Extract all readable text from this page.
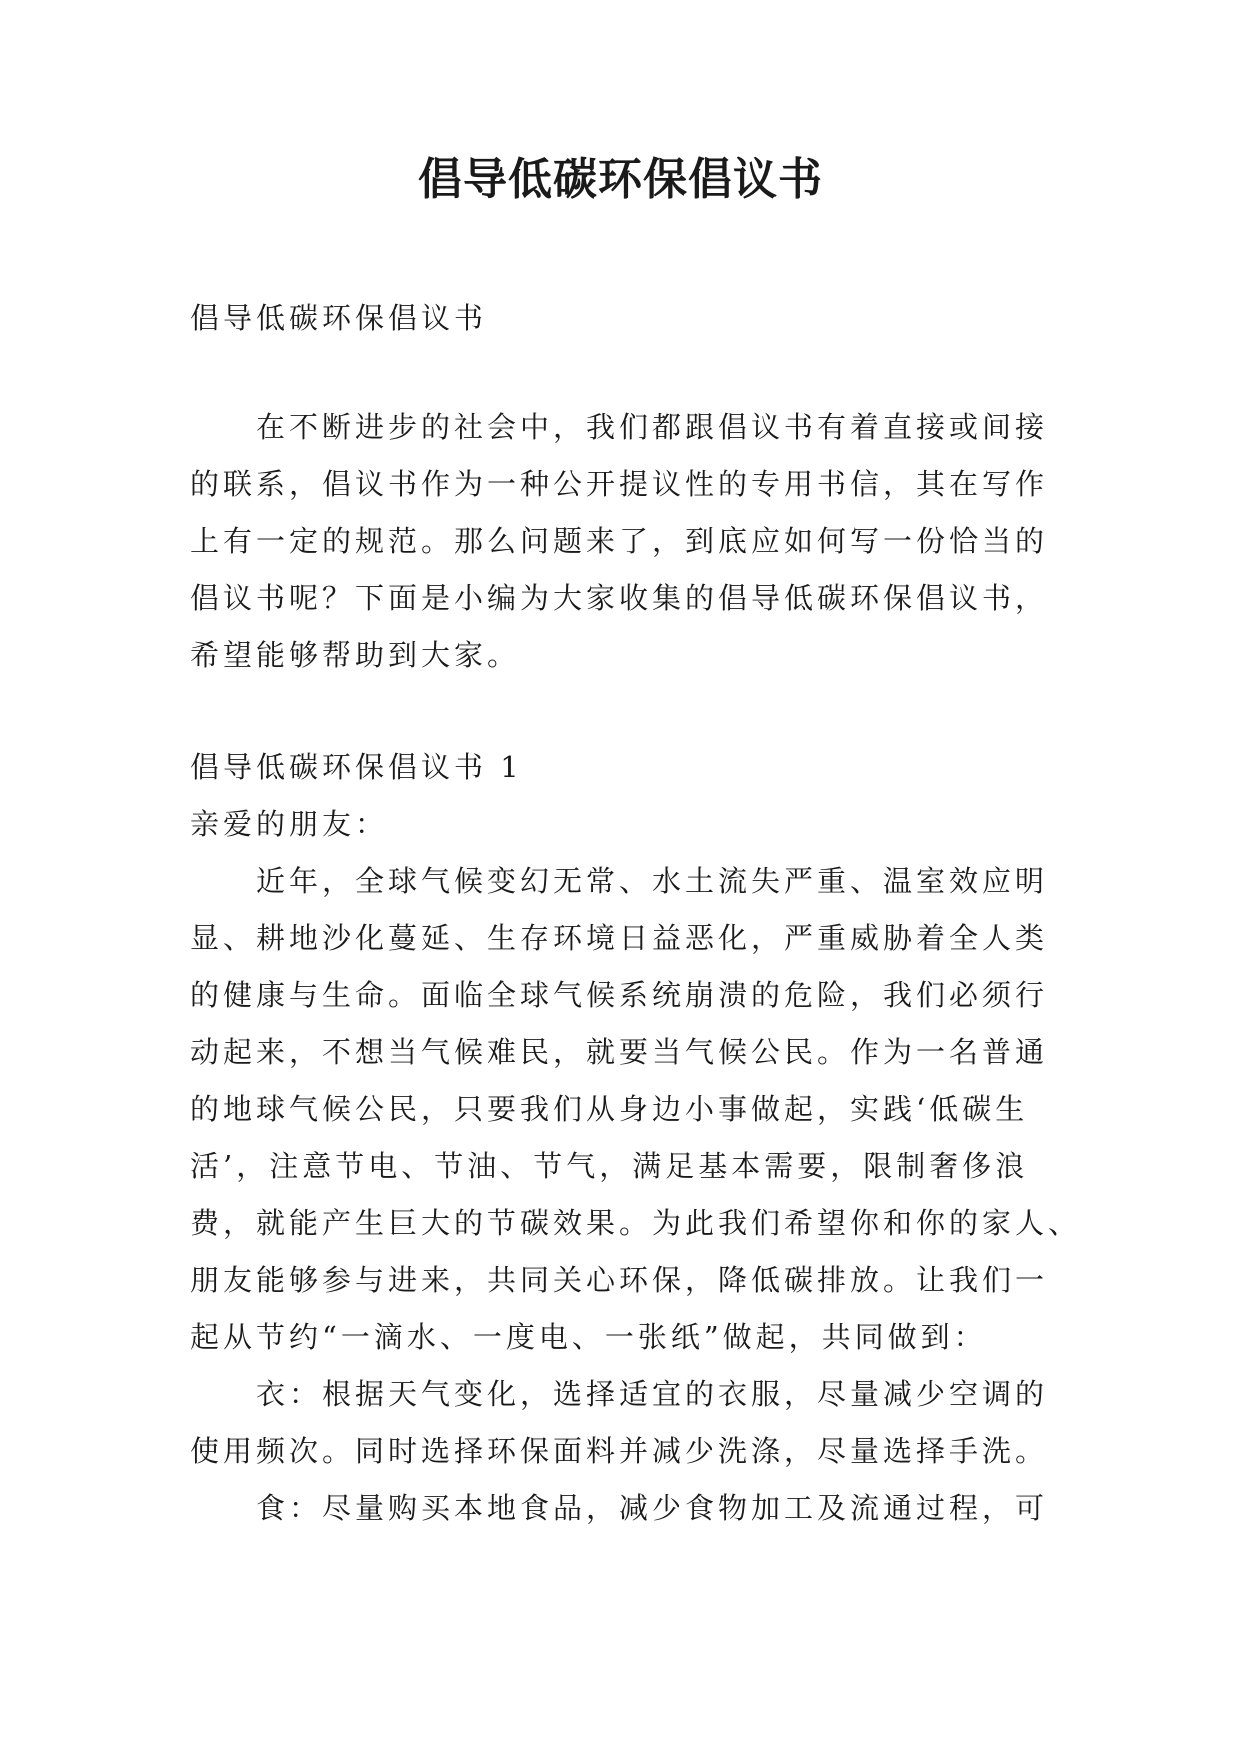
倡导低碳环保倡议书

倡导低碳环保倡议书

在不断进步的社会中，我们都跟倡议书有着直接或间接

的联系，倡议书作为一种公开提议性的专用书信，其在写作

上有一定的规范。那么问题来了，到底应如何写一份恰当的

倡议书呢？下面是小编为大家收集的倡导低碳环保倡议书，

希望能够帮助到大家。

倡导低碳环保倡议书 1

亲爱的朋友：

近年，全球气候变幻无常、水土流失严重、温室效应明

显、耕地沙化蔓延、生存环境日益恶化，严重威胁着全人类

的健康与生命。面临全球气候系统崩溃的危险，我们必须行

动起来，不想当气候难民，就要当气候公民。作为一名普通

的地球气候公民，只要我们从身边小事做起，实践‘低碳生

活’，注意节电、节油、节气，满足基本需要，限制奢侈浪

费，就能产生巨大的节碳效果。为此我们希望你和你的家人、

朋友能够参与进来，共同关心环保，降低碳排放。让我们一

起从节约“一滴水、一度电、一张纸”做起，共同做到：

衣：根据天气变化，选择适宜的衣服，尽量减少空调的

使用频次。同时选择环保面料并减少洗涤，尽量选择手洗。

食：尽量购买本地食品，减少食物加工及流通过程，可
